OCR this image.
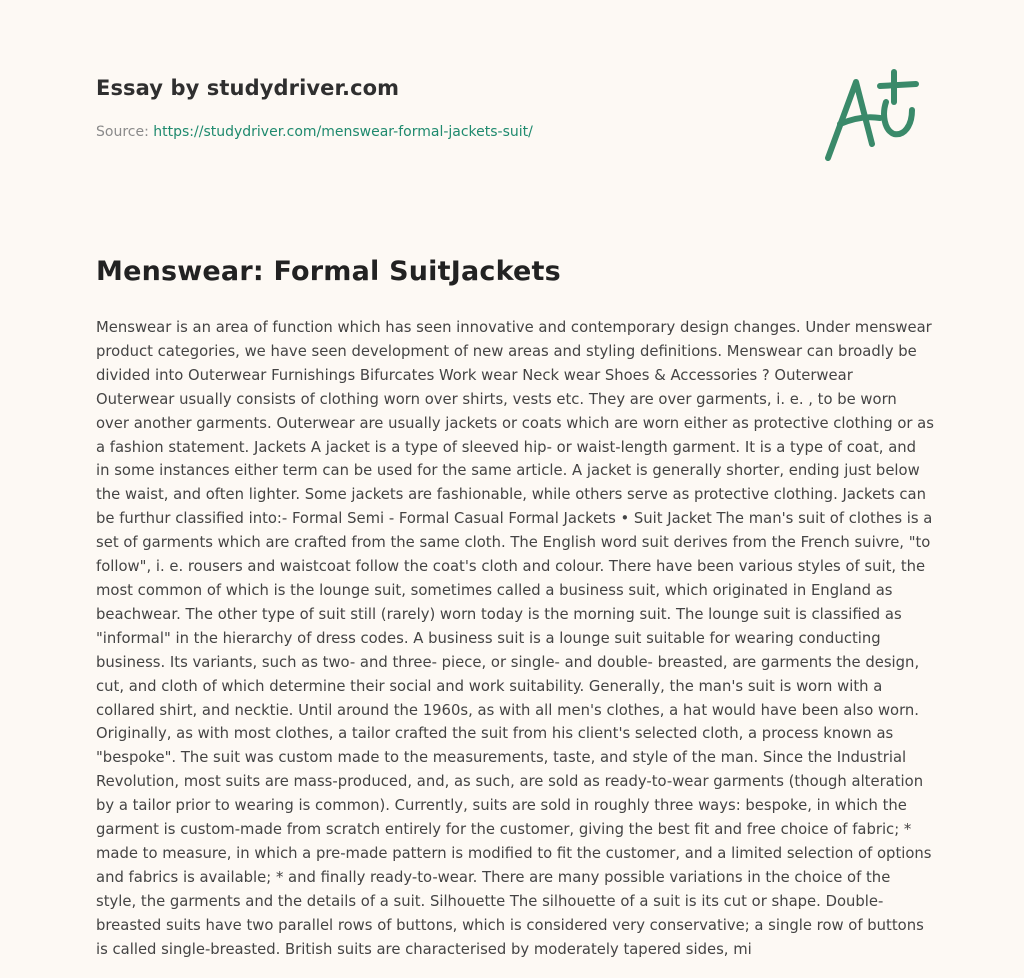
Essay by studydriver.com
Source: https://studydriver.com/menswear-formal-jackets-suit/
Menswear: Formal SuitJackets

Menswear is an area of function which has seen innovative and contemporary design changes. Under menswear product categories, we have seen development of new areas and styling definitions. Menswear can broadly be divided into Outerwear Furnishings Bifurcates Work wear Neck wear Shoes & Accessories ? Outerwear Outerwear usually consists of clothing worn over shirts, vests etc. They are over garments, i. e. , to be worn over another garments. Outerwear are usually jackets or coats which are worn either as protective clothing or as a fashion statement. Jackets A jacket is a type of sleeved hip- or waist-length garment. It is a type of coat, and in some instances either term can be used for the same article. A jacket is generally shorter, ending just below the waist, and often lighter. Some jackets are fashionable, while others serve as protective clothing. Jackets can be furthur classified into:- Formal Semi - Formal Casual Formal Jackets • Suit Jacket The man's suit of clothes is a set of garments which are crafted from the same cloth. The English word suit derives from the French suivre, "to follow", i. e. rousers and waistcoat follow the coat's cloth and colour. There have been various styles of suit, the most common of which is the lounge suit, sometimes called a business suit, which originated in England as beachwear. The other type of suit still (rarely) worn today is the morning suit. The lounge suit is classified as "informal" in the hierarchy of dress codes. A business suit is a lounge suit suitable for wearing conducting business. Its variants, such as two- and three- piece, or single- and double- breasted, are garments the design, cut, and cloth of which determine their social and work suitability. Generally, the man's suit is worn with a collared shirt, and necktie. Until around the 1960s, as with all men's clothes, a hat would have been also worn. Originally, as with most clothes, a tailor crafted the suit from his client's selected cloth, a process known as "bespoke". The suit was custom made to the measurements, taste, and style of the man. Since the Industrial Revolution, most suits are mass-produced, and, as such, are sold as ready-to-wear garments (though alteration by a tailor prior to wearing is common). Currently, suits are sold in roughly three ways: bespoke, in which the garment is custom-made from scratch entirely for the customer, giving the best fit and free choice of fabric; * made to measure, in which a pre-made pattern is modified to fit the customer, and a limited selection of options and fabrics is available; * and finally ready-to-wear. There are many possible variations in the choice of the style, the garments and the details of a suit. Silhouette The silhouette of a suit is its cut or shape. Double-breasted suits have two parallel rows of buttons, which is considered very conservative; a single row of buttons is called single-breasted. British suits are characterised by moderately tapered sides, mi
